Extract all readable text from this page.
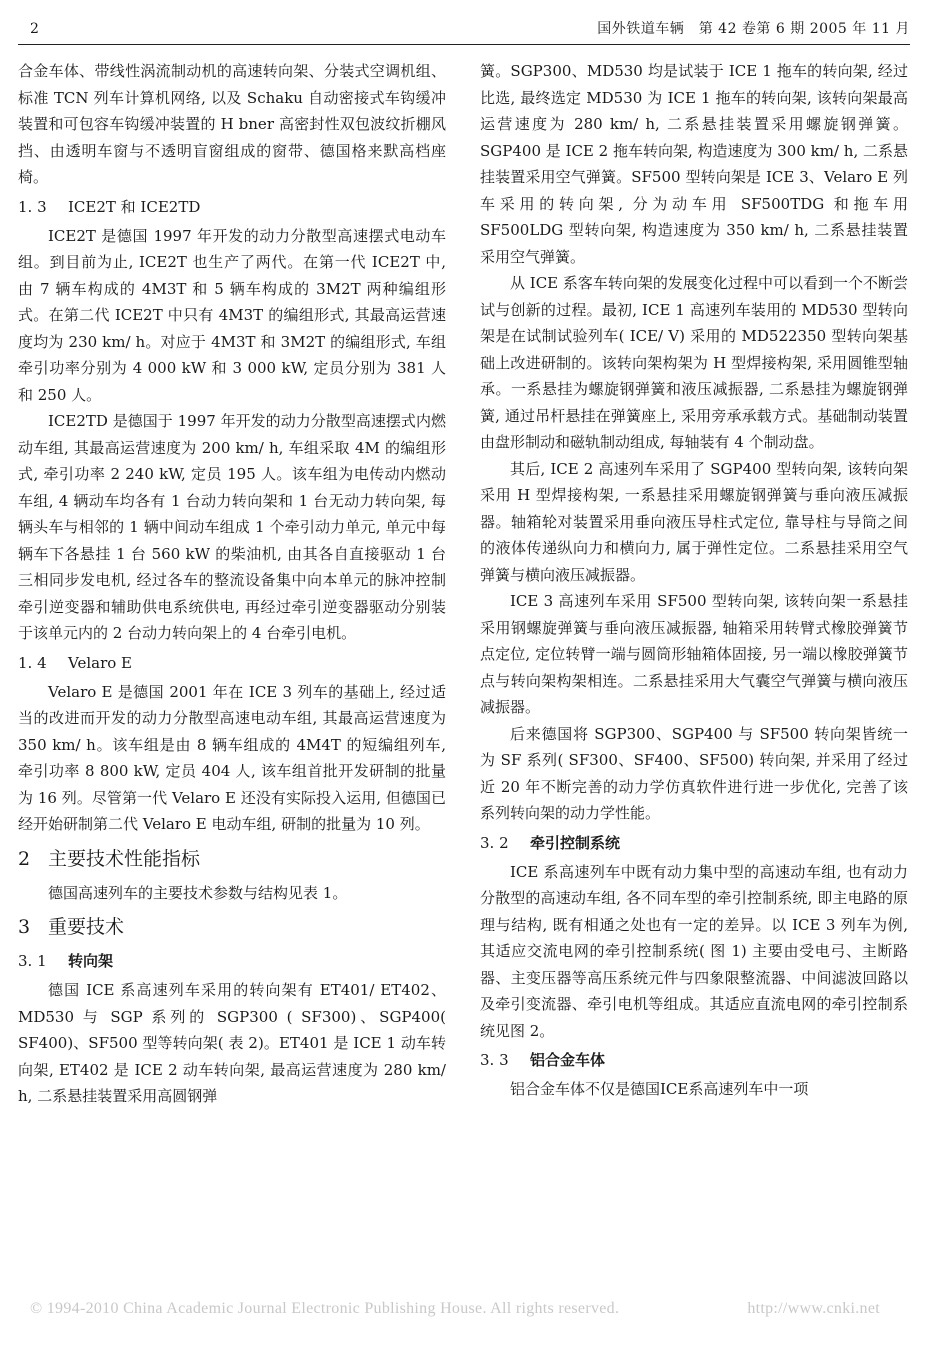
2	国外铁道车辆　第 42 卷第 6 期 2005 年 11 月

合金车体、带线性涡流制动机的高速转向架、分装式空调机组、标准 TCN 列车计算机网络, 以及 Schaku 自动密接式车钩缓冲装置和可包容车钩缓冲装置的 H bner 高密封性双包波纹折棚风挡、由透明车窗与不透明盲窗组成的窗带、德国格来默高档座椅。

1. 3 ICE2T 和 ICE2TD

ICE2T 是德国 1997 年开发的动力分散型高速摆式电动车组。到目前为止, ICE2T 也生产了两代。在第一代 ICE2T 中, 由 7 辆车构成的 4M3T 和 5 辆车构成的 3M2T 两种编组形式。在第二代 ICE2T 中只有 4M3T 的编组形式, 其最高运营速度均为 230 km/ h。对应于 4M3T 和 3M2T 的编组形式, 车组牵引功率分别为 4 000 kW 和 3 000 kW, 定员分别为 381 人和 250 人。

ICE2TD 是德国于 1997 年开发的动力分散型高速摆式内燃动车组, 其最高运营速度为 200 km/ h, 车组采取 4M 的编组形式, 牵引功率 2 240 kW, 定员 195 人。该车组为电传动内燃动车组, 4 辆动车均各有 1 台动力转向架和 1 台无动力转向架, 每辆头车与相邻的 1 辆中间动车组成 1 个牵引动力单元, 单元中每辆车下各悬挂 1 台 560 kW 的柴油机, 由其各自直接驱动 1 台三相同步发电机, 经过各车的整流设备集中向本单元的脉冲控制牵引逆变器和辅助供电系统供电, 再经过牵引逆变器驱动分别装于该单元内的 2 台动力转向架上的 4 台牵引电机。

1. 4 Velaro E

Velaro E 是德国 2001 年在 ICE 3 列车的基础上, 经过适当的改进而开发的动力分散型高速电动车组, 其最高运营速度为 350 km/ h。该车组是由 8 辆车组成的 4M4T 的短编组列车, 牵引功率 8 800 kW, 定员 404 人, 该车组首批开发研制的批量为 16 列。尽管第一代 Velaro E 还没有实际投入运用, 但德国已经开始研制第二代 Velaro E 电动车组, 研制的批量为 10 列。

2 主要技术性能指标

德国高速列车的主要技术参数与结构见表 1。

3 重要技术
3. 1 转向架

德国 ICE 系高速列车采用的转向架有 ET401/ ET402、MD530 与 SGP 系列的 SGP300 ( SF300)、SGP400( SF400)、SF500 型等转向架( 表 2)。ET401 是 ICE 1 动车转向架, ET402 是 ICE 2 动车转向架, 最高运营速度为 280 km/ h, 二系悬挂装置采用高圆钢弹

簧。SGP300、MD530 均是试装于 ICE 1 拖车的转向架, 经过比选, 最终选定 MD530 为 ICE 1 拖车的转向架, 该转向架最高运营速度为 280 km/ h, 二系悬挂装置采用螺旋钢弹簧。SGP400 是 ICE 2 拖车转向架, 构造速度为 300 km/ h, 二系悬挂装置采用空气弹簧。SF500 型转向架是 ICE 3、Velaro E 列车采用的转向架, 分为动车用 SF500TDG 和拖车用 SF500LDG 型转向架, 构造速度为 350 km/ h, 二系悬挂装置采用空气弹簧。

从 ICE 系客车转向架的发展变化过程中可以看到一个不断尝试与创新的过程。最初, ICE 1 高速列车装用的 MD530 型转向架是在试制试验列车( ICE/ V) 采用的 MD522350 型转向架基础上改进研制的。该转向架构架为 H 型焊接构架, 采用圆锥型轴承。一系悬挂为螺旋钢弹簧和液压减振器, 二系悬挂为螺旋钢弹簧, 通过吊杆悬挂在弹簧座上, 采用旁承承载方式。基础制动装置由盘形制动和磁轨制动组成, 每轴装有 4 个制动盘。

其后, ICE 2 高速列车采用了 SGP400 型转向架, 该转向架采用 H 型焊接构架, 一系悬挂采用螺旋钢弹簧与垂向液压减振器。轴箱轮对装置采用垂向液压导柱式定位, 靠导柱与导筒之间的液体传递纵向力和横向力, 属于弹性定位。二系悬挂采用空气弹簧与横向液压减振器。

ICE 3 高速列车采用 SF500 型转向架, 该转向架一系悬挂采用钢螺旋弹簧与垂向液压减振器, 轴箱采用转臂式橡胶弹簧节点定位, 定位转臂一端与圆筒形轴箱体固接, 另一端以橡胶弹簧节点与转向架构架相连。二系悬挂采用大气囊空气弹簧与横向液压减振器。

后来德国将 SGP300、SGP400 与 SF500 转向架皆统一为 SF 系列( SF300、SF400、SF500) 转向架, 并采用了经过近 20 年不断完善的动力学仿真软件进行进一步优化, 完善了该系列转向架的动力学性能。

3. 2 牵引控制系统

ICE 系高速列车中既有动力集中型的高速动车组, 也有动力分散型的高速动车组, 各不同车型的牵引控制系统, 即主电路的原理与结构, 既有相通之处也有一定的差异。以 ICE 3 列车为例, 其适应交流电网的牵引控制系统( 图 1) 主要由受电弓、主断路器、主变压器等高压系统元件与四象限整流器、中间滤波回路以及牵引变流器、牵引电机等组成。其适应直流电网的牵引控制系统见图 2。

3. 3 铝合金车体

铝合金车体不仅是德国ICE系高速列车中一项

© 1994-2010 China Academic Journal Electronic Publishing House. All rights reserved.	http://www.cnki.net
